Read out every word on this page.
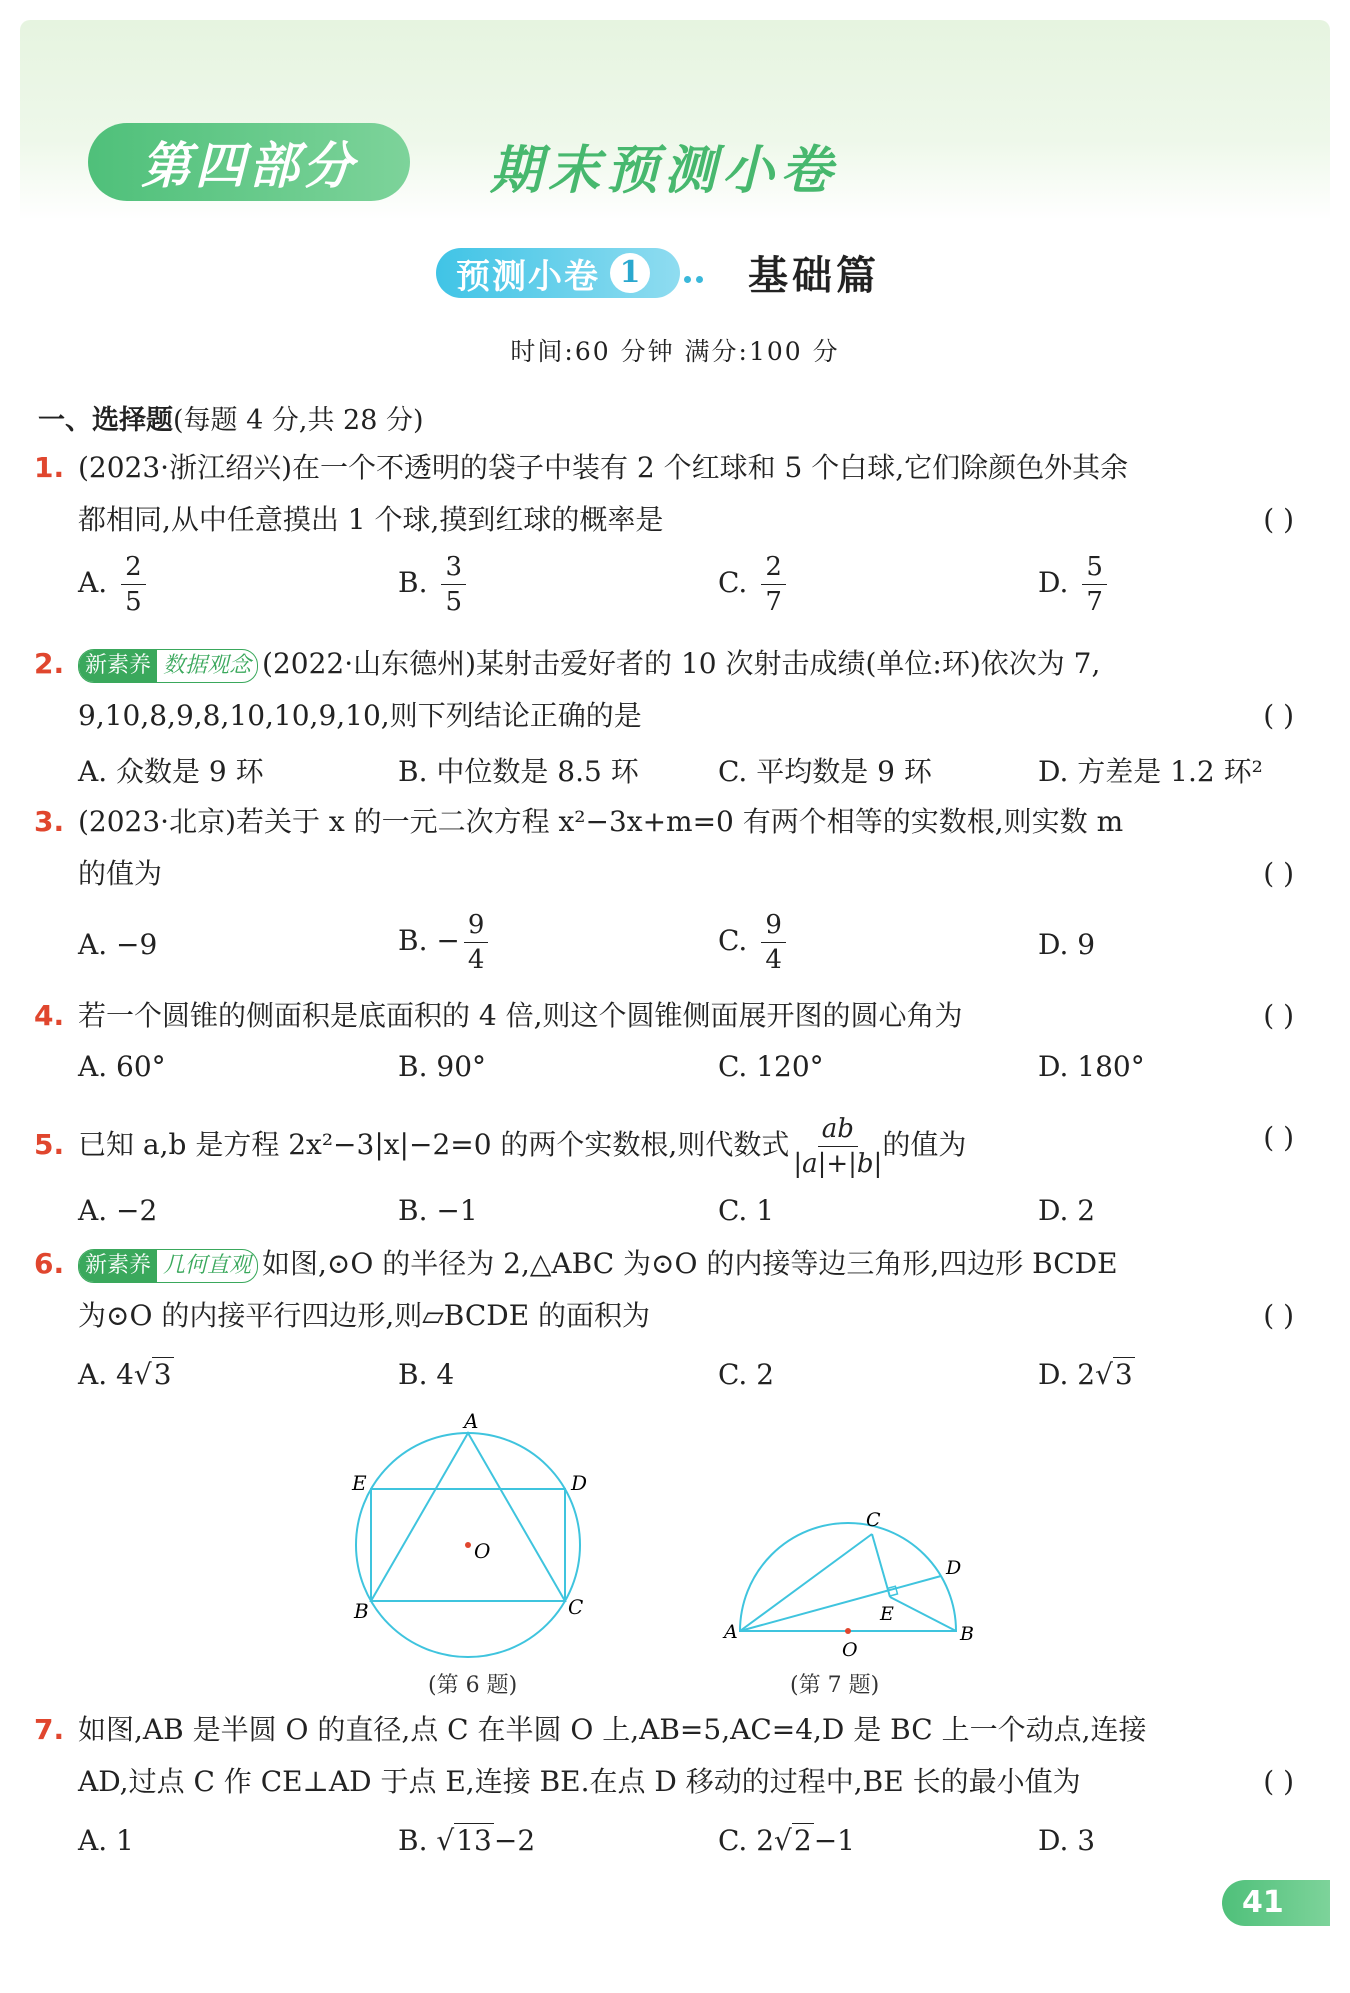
第四部分	期末预测小卷
预测小卷 1	基础篇
时间:60 分钟 满分:100 分
一、选择题(每题 4 分,共 28 分)
1. (2023·浙江绍兴)在一个不透明的袋子中装有 2 个红球和 5 个白球,它们除颜色外其余
都相同,从中任意摸出 1 个球,摸到红球的概率是	( )
A. $\frac{2}{5}$	B. $\frac{3}{5}$	C. $\frac{2}{7}$	D. $\frac{5}{7}$
2. 新素养 数据观念 (2022·山东德州)某射击爱好者的 10 次射击成绩(单位:环)依次为 7,
9,10,8,9,8,10,10,9,10,则下列结论正确的是	( )
A. 众数是 9 环	B. 中位数是 8.5 环	C. 平均数是 9 环	D. 方差是 1.2 环²
3. (2023·北京)若关于 x 的一元二次方程 x²−3x+m=0 有两个相等的实数根,则实数 m
的值为	( )
A. −9	B. − $\frac{9}{4}$	C. $\frac{9}{4}$	D. 9
4. 若一个圆锥的侧面积是底面积的 4 倍,则这个圆锥侧面展开图的圆心角为	( )
A. 60°	B. 90°	C. 120°	D. 180°
5. 已知 a,b 是方程 2x²−3|x|−2=0 的两个实数根,则代数式 $\frac{ab}{|a|+|b|}$ 的值为	( )
A. −2	B. −1	C. 1	D. 2
6. 新素养 几何直观 如图,⊙O 的半径为 2,△ABC 为⊙O 的内接等边三角形,四边形 BCDE
为⊙O 的内接平行四边形,则▱BCDE 的面积为	( )
A. 4√3	B. 4	C. 2	D. 2√3
A
E	D
O
B	C
(第 6 题)
C
D
E
A	B
O
(第 7 题)
7. 如图,AB 是半圆 O 的直径,点 C 在半圆 O 上,AB=5,AC=4,D 是 BC 上一个动点,连接
AD,过点 C 作 CE⊥AD 于点 E,连接 BE.在点 D 移动的过程中,BE 长的最小值为	( )
A. 1	B. √13−2	C. 2√2−1	D. 3
41
